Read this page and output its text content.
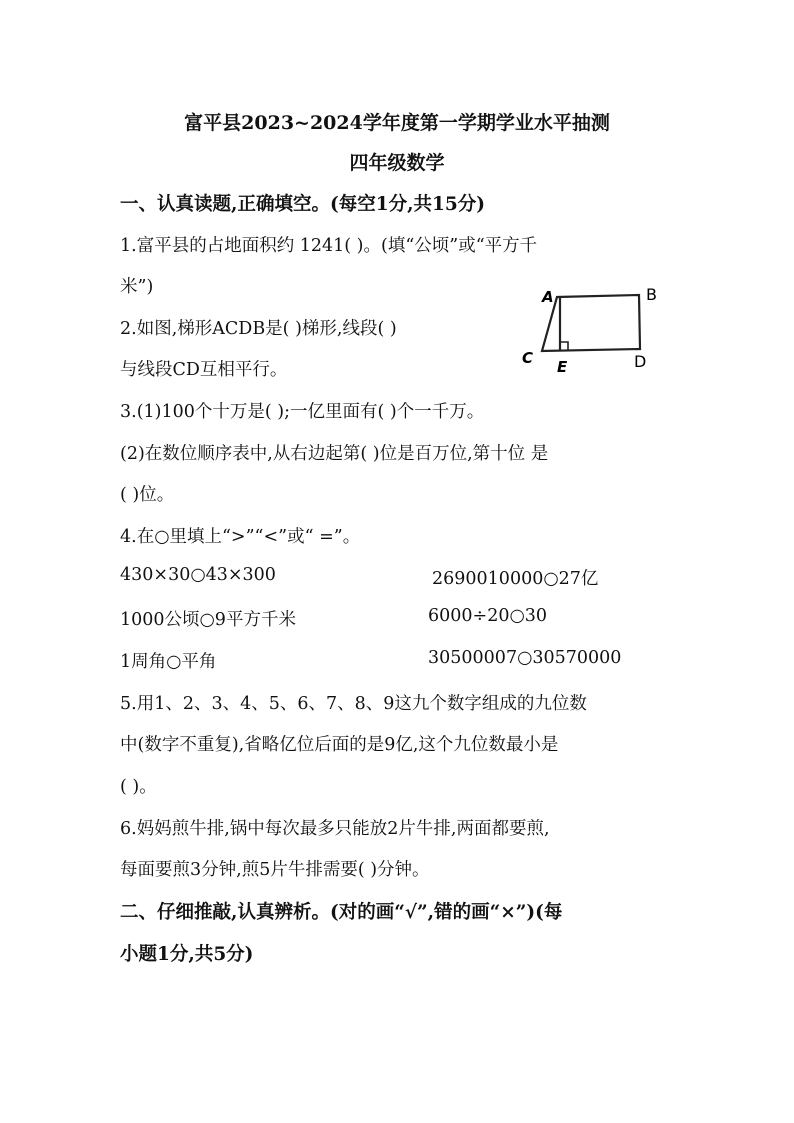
富平县2023~2024学年度第一学期学业水平抽测
四年级数学
一、认真读题,正确填空。(每空1分,共15分)
1.富平县的占地面积约 1241( )。(填“公顷”或“平方千
米”)
2.如图,梯形ACDB是( )梯形,线段( )
与线段CD互相平行。
A	B
C E	D
3.(1)100个十万是( );一亿里面有( )个一千万。
(2)在数位顺序表中,从右边起第( )位是百万位,第十位 是
( )位。
4.在○里填上“>”“<”或“ =”。
430×30○43×300	2690010000○27亿
1000公顷○9平方千米	6000÷20○30
1周角○平角	30500007○30570000
5.用1、2、3、4、5、6、7、8、9这九个数字组成的九位数
中(数字不重复),省略亿位后面的是9亿,这个九位数最小是
( )。
6.妈妈煎牛排,锅中每次最多只能放2片牛排,两面都要煎,
每面要煎3分钟,煎5片牛排需要( )分钟。
二、仔细推敲,认真辨析。(对的画“√”,错的画“×”)(每
小题1分,共5分)
